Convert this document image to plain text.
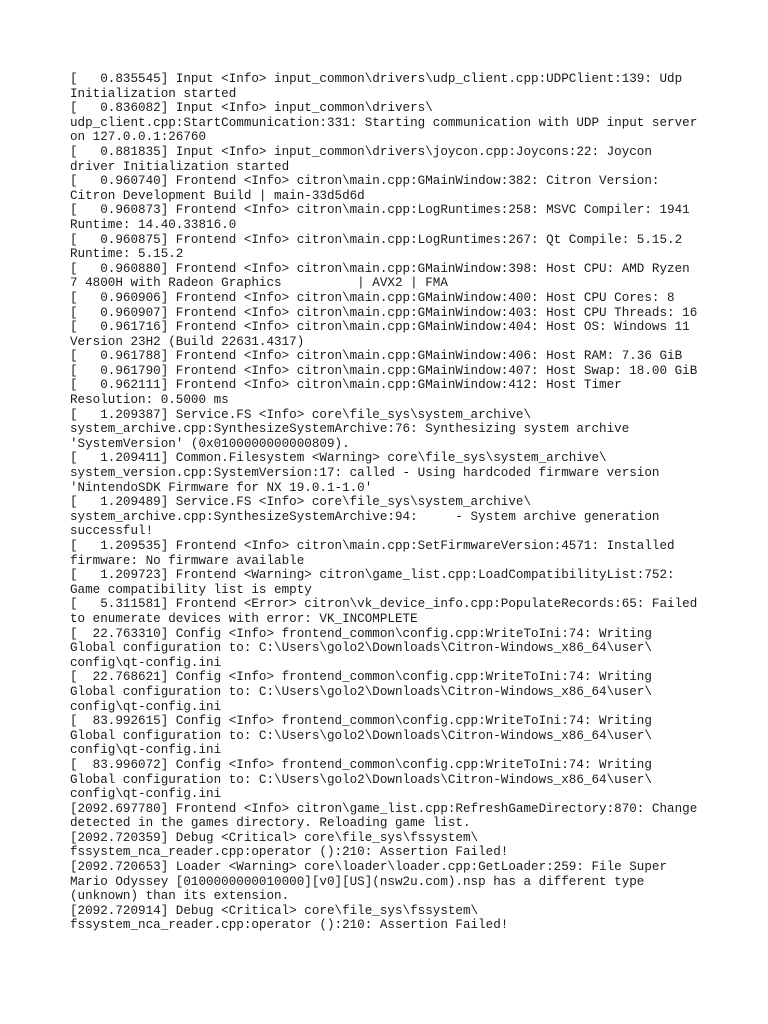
[   0.835545] Input <Info> input_common\drivers\udp_client.cpp:UDPClient:139: Udp
Initialization started
[   0.836082] Input <Info> input_common\drivers\
udp_client.cpp:StartCommunication:331: Starting communication with UDP input server
on 127.0.0.1:26760
[   0.881835] Input <Info> input_common\drivers\joycon.cpp:Joycons:22: Joycon
driver Initialization started
[   0.960740] Frontend <Info> citron\main.cpp:GMainWindow:382: Citron Version:
Citron Development Build | main-33d5d6d
[   0.960873] Frontend <Info> citron\main.cpp:LogRuntimes:258: MSVC Compiler: 1941
Runtime: 14.40.33816.0
[   0.960875] Frontend <Info> citron\main.cpp:LogRuntimes:267: Qt Compile: 5.15.2
Runtime: 5.15.2
[   0.960880] Frontend <Info> citron\main.cpp:GMainWindow:398: Host CPU: AMD Ryzen
7 4800H with Radeon Graphics          | AVX2 | FMA
[   0.960906] Frontend <Info> citron\main.cpp:GMainWindow:400: Host CPU Cores: 8
[   0.960907] Frontend <Info> citron\main.cpp:GMainWindow:403: Host CPU Threads: 16
[   0.961716] Frontend <Info> citron\main.cpp:GMainWindow:404: Host OS: Windows 11
Version 23H2 (Build 22631.4317)
[   0.961788] Frontend <Info> citron\main.cpp:GMainWindow:406: Host RAM: 7.36 GiB
[   0.961790] Frontend <Info> citron\main.cpp:GMainWindow:407: Host Swap: 18.00 GiB
[   0.962111] Frontend <Info> citron\main.cpp:GMainWindow:412: Host Timer
Resolution: 0.5000 ms
[   1.209387] Service.FS <Info> core\file_sys\system_archive\
system_archive.cpp:SynthesizeSystemArchive:76: Synthesizing system archive
'SystemVersion' (0x0100000000000809).
[   1.209411] Common.Filesystem <Warning> core\file_sys\system_archive\
system_version.cpp:SystemVersion:17: called - Using hardcoded firmware version
'NintendoSDK Firmware for NX 19.0.1-1.0'
[   1.209489] Service.FS <Info> core\file_sys\system_archive\
system_archive.cpp:SynthesizeSystemArchive:94:     - System archive generation
successful!
[   1.209535] Frontend <Info> citron\main.cpp:SetFirmwareVersion:4571: Installed
firmware: No firmware available
[   1.209723] Frontend <Warning> citron\game_list.cpp:LoadCompatibilityList:752:
Game compatibility list is empty
[   5.311581] Frontend <Error> citron\vk_device_info.cpp:PopulateRecords:65: Failed
to enumerate devices with error: VK_INCOMPLETE
[  22.763310] Config <Info> frontend_common\config.cpp:WriteToIni:74: Writing
Global configuration to: C:\Users\golo2\Downloads\Citron-Windows_x86_64\user\
config\qt-config.ini
[  22.768621] Config <Info> frontend_common\config.cpp:WriteToIni:74: Writing
Global configuration to: C:\Users\golo2\Downloads\Citron-Windows_x86_64\user\
config\qt-config.ini
[  83.992615] Config <Info> frontend_common\config.cpp:WriteToIni:74: Writing
Global configuration to: C:\Users\golo2\Downloads\Citron-Windows_x86_64\user\
config\qt-config.ini
[  83.996072] Config <Info> frontend_common\config.cpp:WriteToIni:74: Writing
Global configuration to: C:\Users\golo2\Downloads\Citron-Windows_x86_64\user\
config\qt-config.ini
[2092.697780] Frontend <Info> citron\game_list.cpp:RefreshGameDirectory:870: Change
detected in the games directory. Reloading game list.
[2092.720359] Debug <Critical> core\file_sys\fssystem\
fssystem_nca_reader.cpp:operator ():210: Assertion Failed!
[2092.720653] Loader <Warning> core\loader\loader.cpp:GetLoader:259: File Super
Mario Odyssey [0100000000010000][v0][US](nsw2u.com).nsp has a different type
(unknown) than its extension.
[2092.720914] Debug <Critical> core\file_sys\fssystem\
fssystem_nca_reader.cpp:operator ():210: Assertion Failed!
